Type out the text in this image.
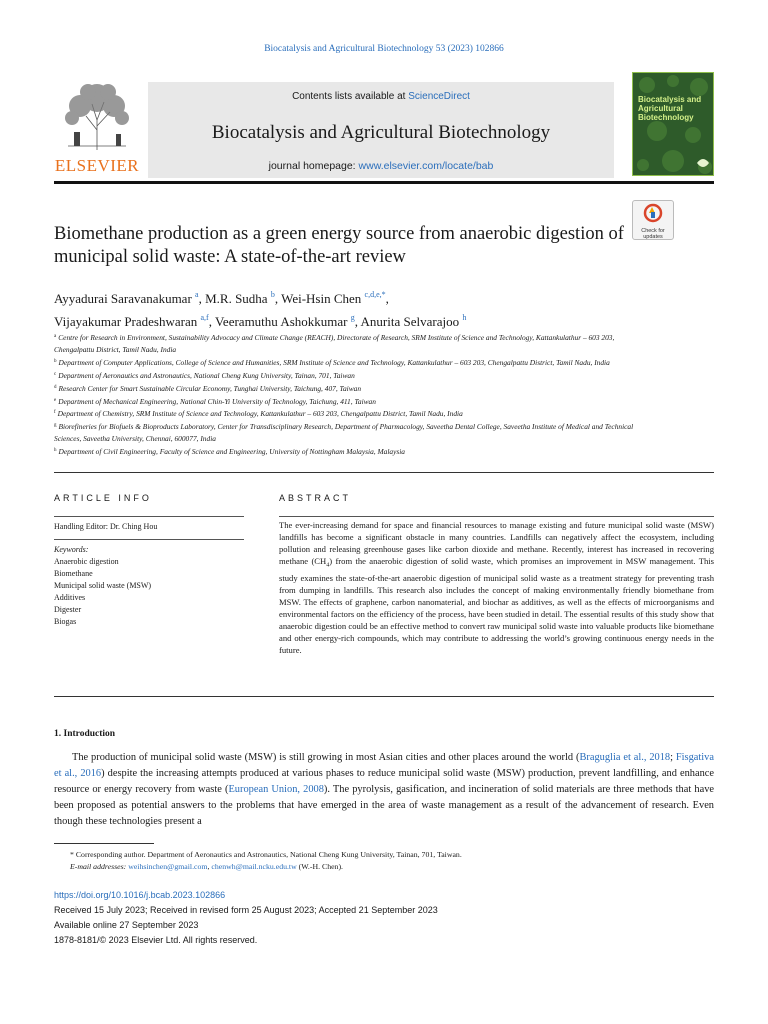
Biocatalysis and Agricultural Biotechnology 53 (2023) 102866
ELSEVIER
Contents lists available at ScienceDirect
Biocatalysis and Agricultural Biotechnology
journal homepage: www.elsevier.com/locate/bab
Biocatalysis and Agricultural Biotechnology
Check for
updates
Biomethane production as a green energy source from anaerobic digestion of municipal solid waste: A state-of-the-art review
Ayyadurai Saravanakumar $^a$, M.R. Sudha $^b$, Wei-Hsin Chen $^{c,d,e,*}$,
Vijayakumar Pradeshwaran $^{a,f}$, Veeramuthu Ashokkumar $^g$, Anurita Selvarajoo $^h$
$^a$ Centre for Research in Environment, Sustainability Advocacy and Climate Change (REACH), Directorate of Research, SRM Institute of Science and Technology, Kattankulathur – 603 203, Chengalpattu District, Tamil Nadu, India
$^b$ Department of Computer Applications, College of Science and Humanities, SRM Institute of Science and Technology, Kattankulathur – 603 203, Chengalpattu District, Tamil Nadu, India
$^c$ Department of Aeronautics and Astronautics, National Cheng Kung University, Tainan, 701, Taiwan
$^d$ Research Center for Smart Sustainable Circular Economy, Tunghai University, Taichung, 407, Taiwan
$^e$ Department of Mechanical Engineering, National Chin-Yi University of Technology, Taichung, 411, Taiwan
$^f$ Department of Chemistry, SRM Institute of Science and Technology, Kattankulathur – 603 203, Chengalpattu District, Tamil Nadu, India
$^g$ Biorefineries for Biofuels & Bioproducts Laboratory, Center for Transdisciplinary Research, Department of Pharmacology, Saveetha Dental College, Saveetha Institute of Medical and Technical Sciences, Saveetha University, Chennai, 600077, India
$^h$ Department of Civil Engineering, Faculty of Science and Engineering, University of Nottingham Malaysia, Malaysia
ARTICLE INFO	ABSTRACT
Handling Editor: Dr. Ching Hou
Keywords:
Anaerobic digestion
Biomethane
Municipal solid waste (MSW)
Additives
Digester
Biogas
The ever-increasing demand for space and financial resources to manage existing and future municipal solid waste (MSW) landfills has become a significant obstacle in many countries. Landfills can negatively affect the ecosystem, including pollution and releasing greenhouse gases like carbon dioxide and methane. Recently, interest has increased in recovering methane $(CH_4)$ from the anaerobic digestion of solid waste, which promises an improvement in MSW management. This study examines the state-of-the-art anaerobic digestion of municipal solid waste as a treatment strategy for preventing trash from dumping in landfills. This research also includes the concept of making environmentally friendly biomethane from MSW. The effects of graphene, carbon nanomaterial, and biochar as additives, as well as the effects of microorganisms and environmental factors on the efficiency of the process, have been studied in detail. The essential results of this study show that anaerobic digestion could be an effective method to convert raw municipal solid waste into valuable products like biomethane and other energy-rich compounds, which may contribute to addressing the world’s growing continuous energy needs in the future.
1. Introduction
The production of municipal solid waste (MSW) is still growing in most Asian cities and other places around the world (Braguglia et al., 2018; Fisgativa et al., 2016) despite the increasing attempts produced at various phases to reduce municipal solid waste (MSW) production, prevent landfilling, and enhance resource or energy recovery from waste (European Union, 2008). The pyrolysis, gasification, and incineration of solid materials are three methods that have been proposed as potential answers to the problems that have emerged in the area of waste management as a result of the advancement of research. Even though these technologies present a
* Corresponding author. Department of Aeronautics and Astronautics, National Cheng Kung University, Tainan, 701, Taiwan.
E-mail addresses: weihsinchen@gmail.com, chenwh@mail.ncku.edu.tw (W.-H. Chen).
https://doi.org/10.1016/j.bcab.2023.102866
Received 15 July 2023; Received in revised form 25 August 2023; Accepted 21 September 2023
Available online 27 September 2023
1878-8181/© 2023 Elsevier Ltd. All rights reserved.
